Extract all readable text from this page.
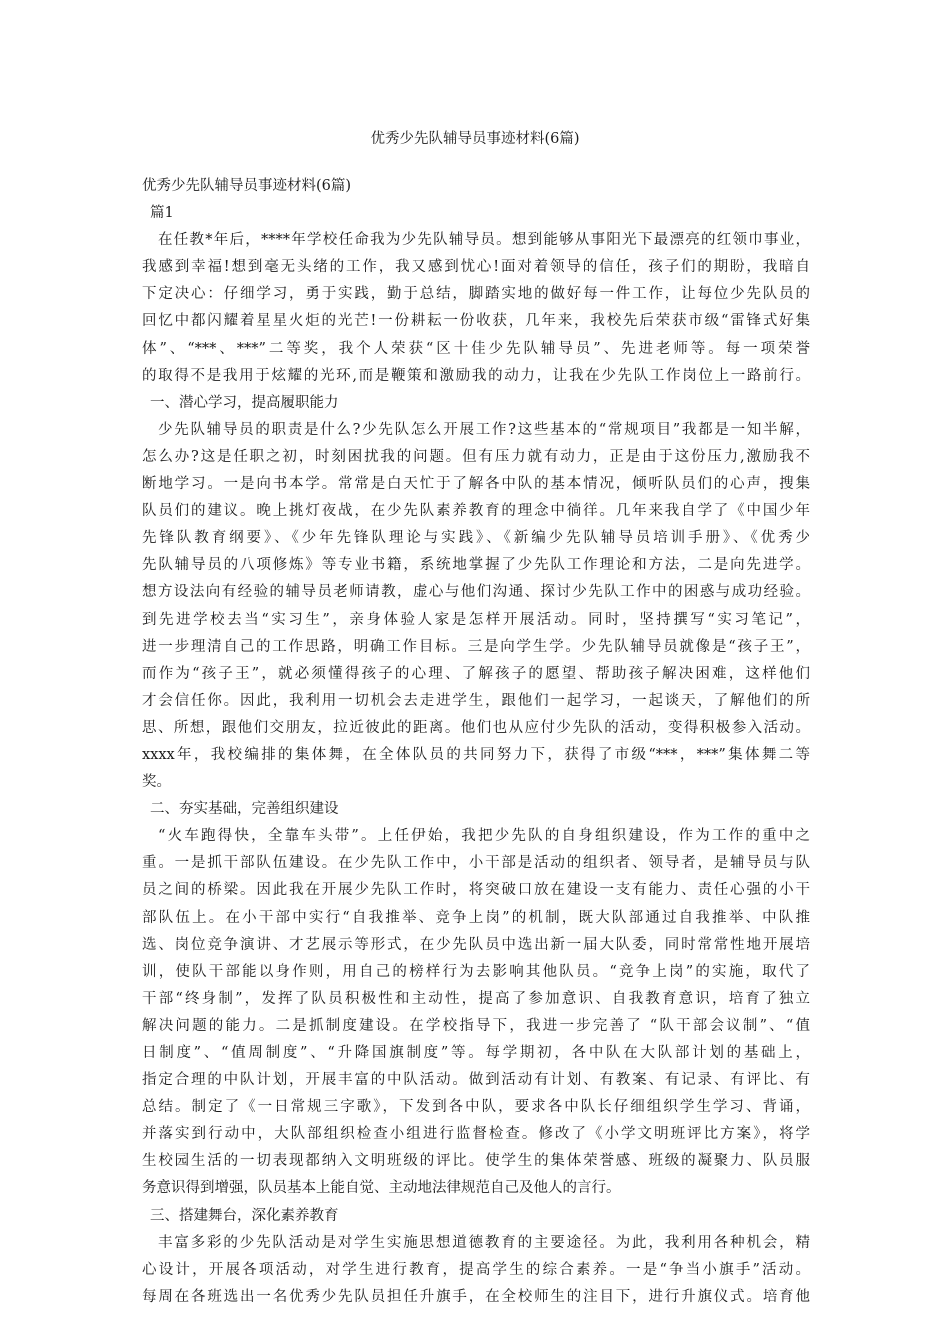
优秀少先队辅导员事迹材料(6篇)
优秀少先队辅导员事迹材料(6篇)
篇1
在任教*年后，****年学校任命我为少先队辅导员。想到能够从事阳光下最漂亮的红领巾事业，
我感到幸福!想到毫无头绪的工作，我又感到忧心!面对着领导的信任，孩子们的期盼，我暗自
下定决心：仔细学习，勇于实践，勤于总结，脚踏实地的做好每一件工作，让每位少先队员的
回忆中都闪耀着星星火炬的光芒!一份耕耘一份收获，几年来，我校先后荣获市级“雷锋式好集
体”、“***、***”二等奖，我个人荣获“区十佳少先队辅导员”、先进老师等。每一项荣誉
的取得不是我用于炫耀的光环,而是鞭策和激励我的动力，让我在少先队工作岗位上一路前行。
一、潜心学习，提高履职能力
少先队辅导员的职责是什么?少先队怎么开展工作?这些基本的“常规项目”我都是一知半解，
怎么办?这是任职之初，时刻困扰我的问题。但有压力就有动力，正是由于这份压力,激励我不
断地学习。一是向书本学。常常是白天忙于了解各中队的基本情况，倾听队员们的心声，搜集
队员们的建议。晚上挑灯夜战，在少先队素养教育的理念中徜徉。几年来我自学了《中国少年
先锋队教育纲要》、《少年先锋队理论与实践》、《新编少先队辅导员培训手册》、《优秀少
先队辅导员的八项修炼》等专业书籍，系统地掌握了少先队工作理论和方法，二是向先进学。
想方设法向有经验的辅导员老师请教，虚心与他们沟通、探讨少先队工作中的困惑与成功经验。
到先进学校去当“实习生”，亲身体验人家是怎样开展活动。同时，坚持撰写“实习笔记”，
进一步理清自己的工作思路，明确工作目标。三是向学生学。少先队辅导员就像是“孩子王”，
而作为“孩子王”，就必须懂得孩子的心理、了解孩子的愿望、帮助孩子解决困难，这样他们
才会信任你。因此，我利用一切机会去走进学生，跟他们一起学习，一起谈天，了解他们的所
思、所想，跟他们交朋友，拉近彼此的距离。他们也从应付少先队的活动，变得积极参入活动。
xxxx年，我校编排的集体舞，在全体队员的共同努力下，获得了市级“***，***”集体舞二等
奖。
二、夯实基础，完善组织建设
“火车跑得快，全靠车头带”。上任伊始，我把少先队的自身组织建设，作为工作的重中之
重。一是抓干部队伍建设。在少先队工作中，小干部是活动的组织者、领导者，是辅导员与队
员之间的桥梁。因此我在开展少先队工作时，将突破口放在建设一支有能力、责任心强的小干
部队伍上。在小干部中实行“自我推举、竞争上岗”的机制，既大队部通过自我推举、中队推
选、岗位竞争演讲、才艺展示等形式，在少先队员中选出新一届大队委，同时常常性地开展培
训，使队干部能以身作则，用自己的榜样行为去影响其他队员。“竞争上岗”的实施，取代了
干部“终身制”，发挥了队员积极性和主动性，提高了参加意识、自我教育意识，培育了独立
解决问题的能力。二是抓制度建设。在学校指导下，我进一步完善了 “队干部会议制”、“值
日制度”、“值周制度”、“升降国旗制度”等。每学期初，各中队在大队部计划的基础上，
指定合理的中队计划，开展丰富的中队活动。做到活动有计划、有教案、有记录、有评比、有
总结。制定了《一日常规三字歌》，下发到各中队，要求各中队长仔细组织学生学习、背诵，
并落实到行动中，大队部组织检查小组进行监督检查。修改了《小学文明班评比方案》，将学
生校园生活的一切表现都纳入文明班级的评比。使学生的集体荣誉感、班级的凝聚力、队员服
务意识得到增强，队员基本上能自觉、主动地法律规范自己及他人的言行。
三、搭建舞台，深化素养教育
丰富多彩的少先队活动是对学生实施思想道德教育的主要途径。为此，我利用各种机会，精
心设计，开展各项活动，对学生进行教育，提高学生的综合素养。一是“争当小旗手”活动。
每周在各班选出一名优秀少先队员担任升旗手，在全校师生的注目下，进行升旗仪式。培育他
